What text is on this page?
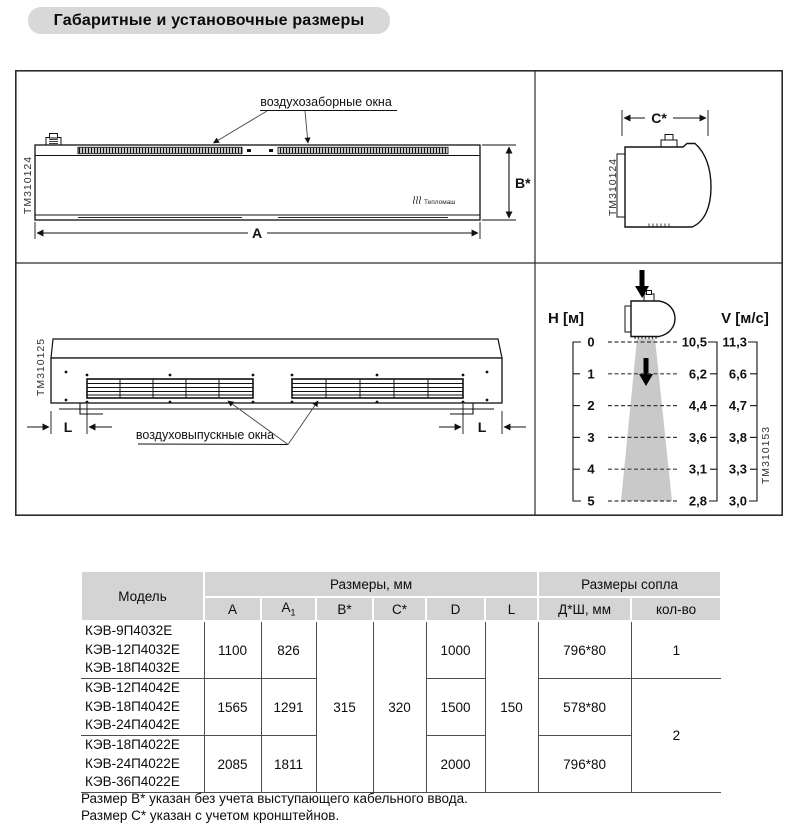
Габаритные и установочные размеры
воздухозаборные окна
Тепломаш
B*
A
ТМ310124
C*
ТМ310124
L	L
воздуховыпускные окна
ТМ310125
H [м]	V [м/с]
0
1
2
3
4
5
10,5
6,2
4,4
3,6
3,1
2,8
11,3
6,6
4,7
3,8
3,3
3,0
ТМ310153
Модель	Размеры, мм						Размеры сопла	
	A	$A_1$	B*	C*	D	L	Д*Ш, мм	кол-во

КЭВ-9П4032Е
КЭВ-12П4032Е
КЭВ-18П4032Е	1100	826	315	320	1000	150	796*80	1

КЭВ-12П4042Е
КЭВ-18П4042Е
КЭВ-24П4042Е	1565	1291			1500		578*80	2

КЭВ-18П4022Е
КЭВ-24П4022Е
КЭВ-36П4022Е	2085	1811			2000		796*80	
Размер В* указан без учета выступающего кабельного ввода.
Размер С* указан с учетом кронштейнов.
